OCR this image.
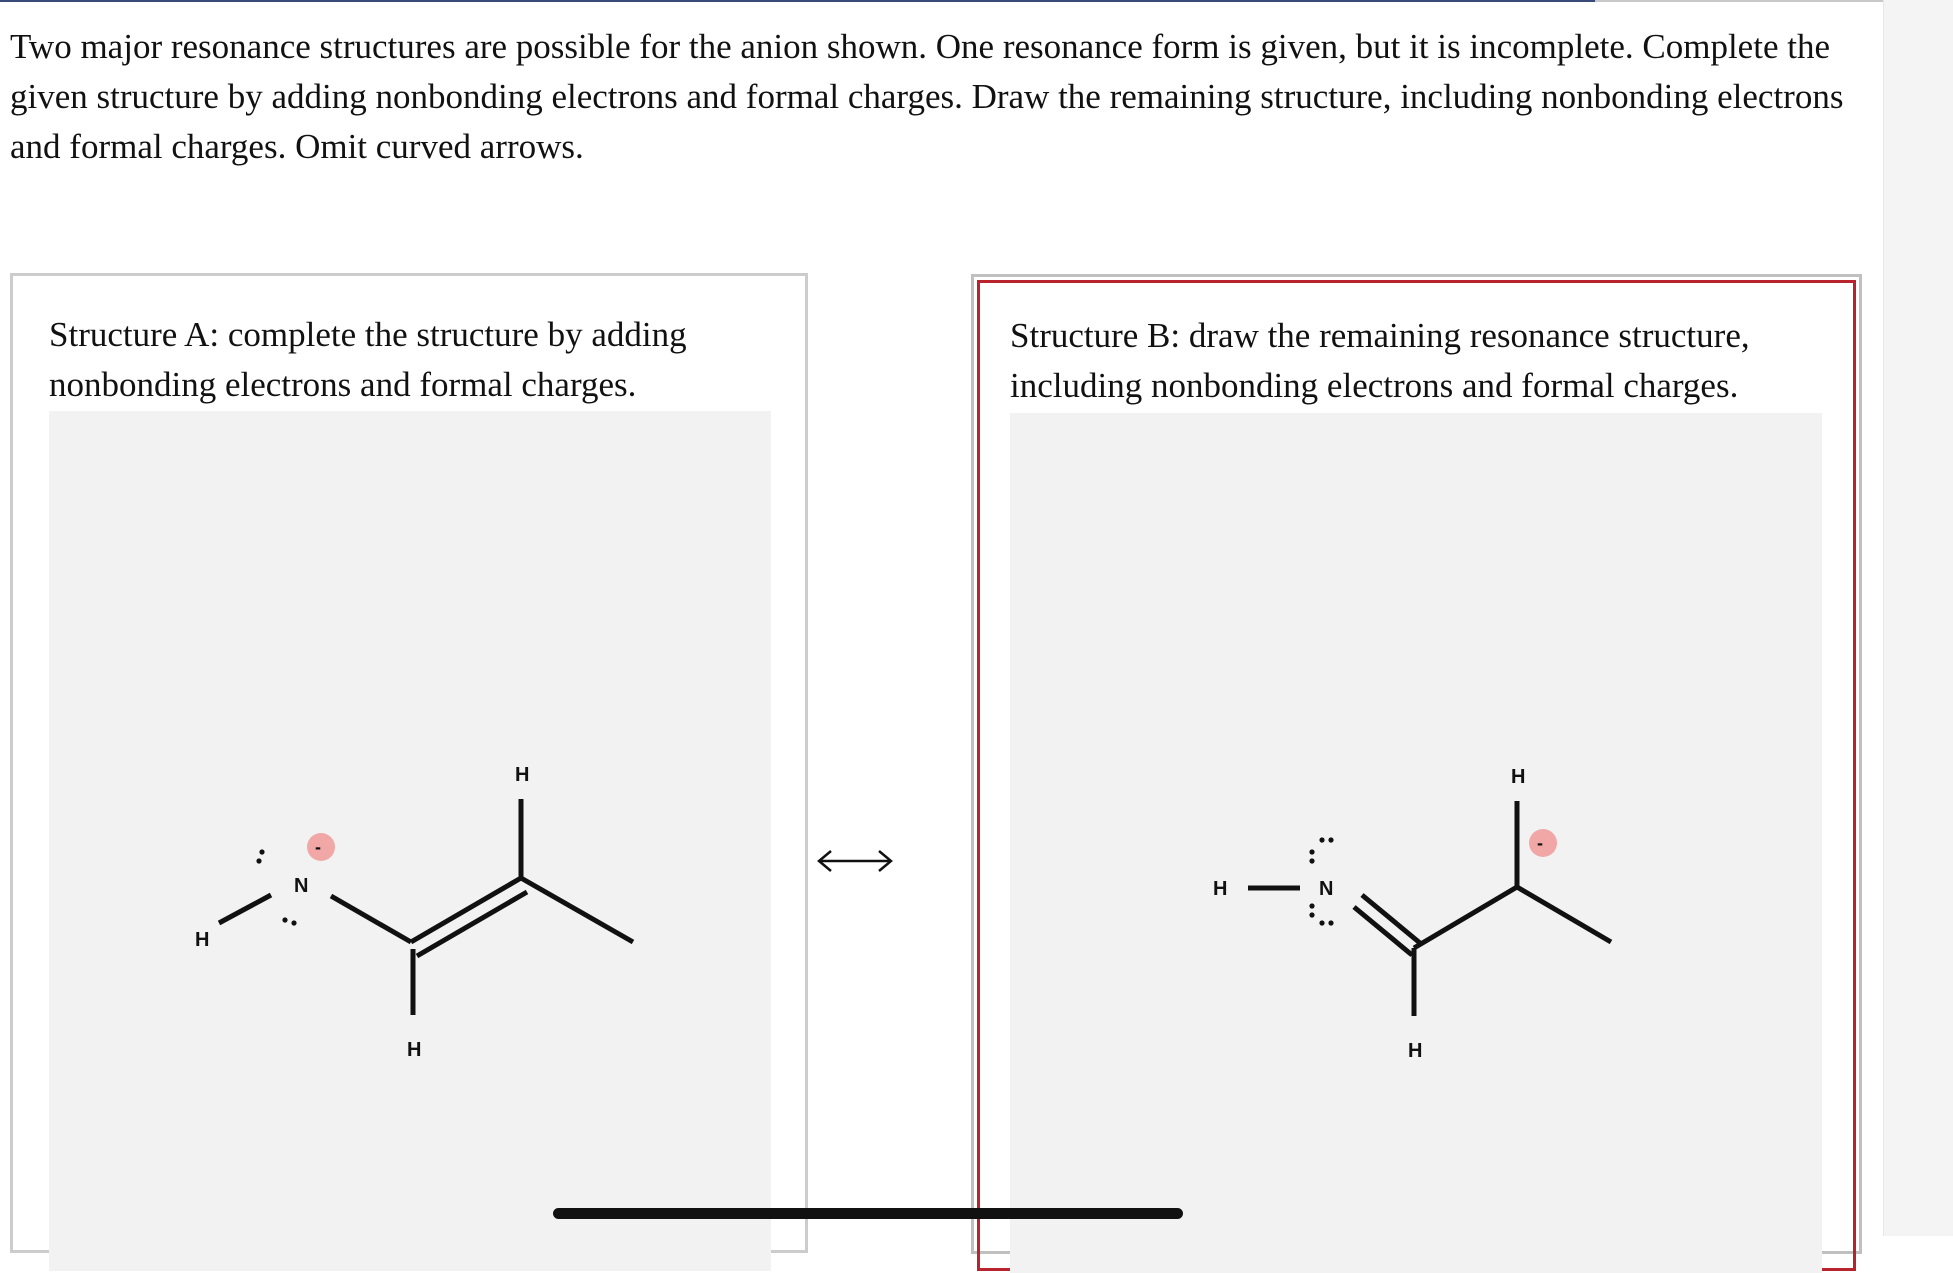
Two major resonance structures are possible for the anion shown. One resonance form is given, but it is incomplete. Complete the given structure by adding nonbonding electrons and formal charges. Draw the remaining structure, including nonbonding electrons and formal charges. Omit curved arrows.

Structure A: complete the structure by adding nonbonding electrons and formal charges.
H
N
H
H
-
Structure B: draw the remaining resonance structure, including nonbonding electrons and formal charges.
H	N
H
H
-
